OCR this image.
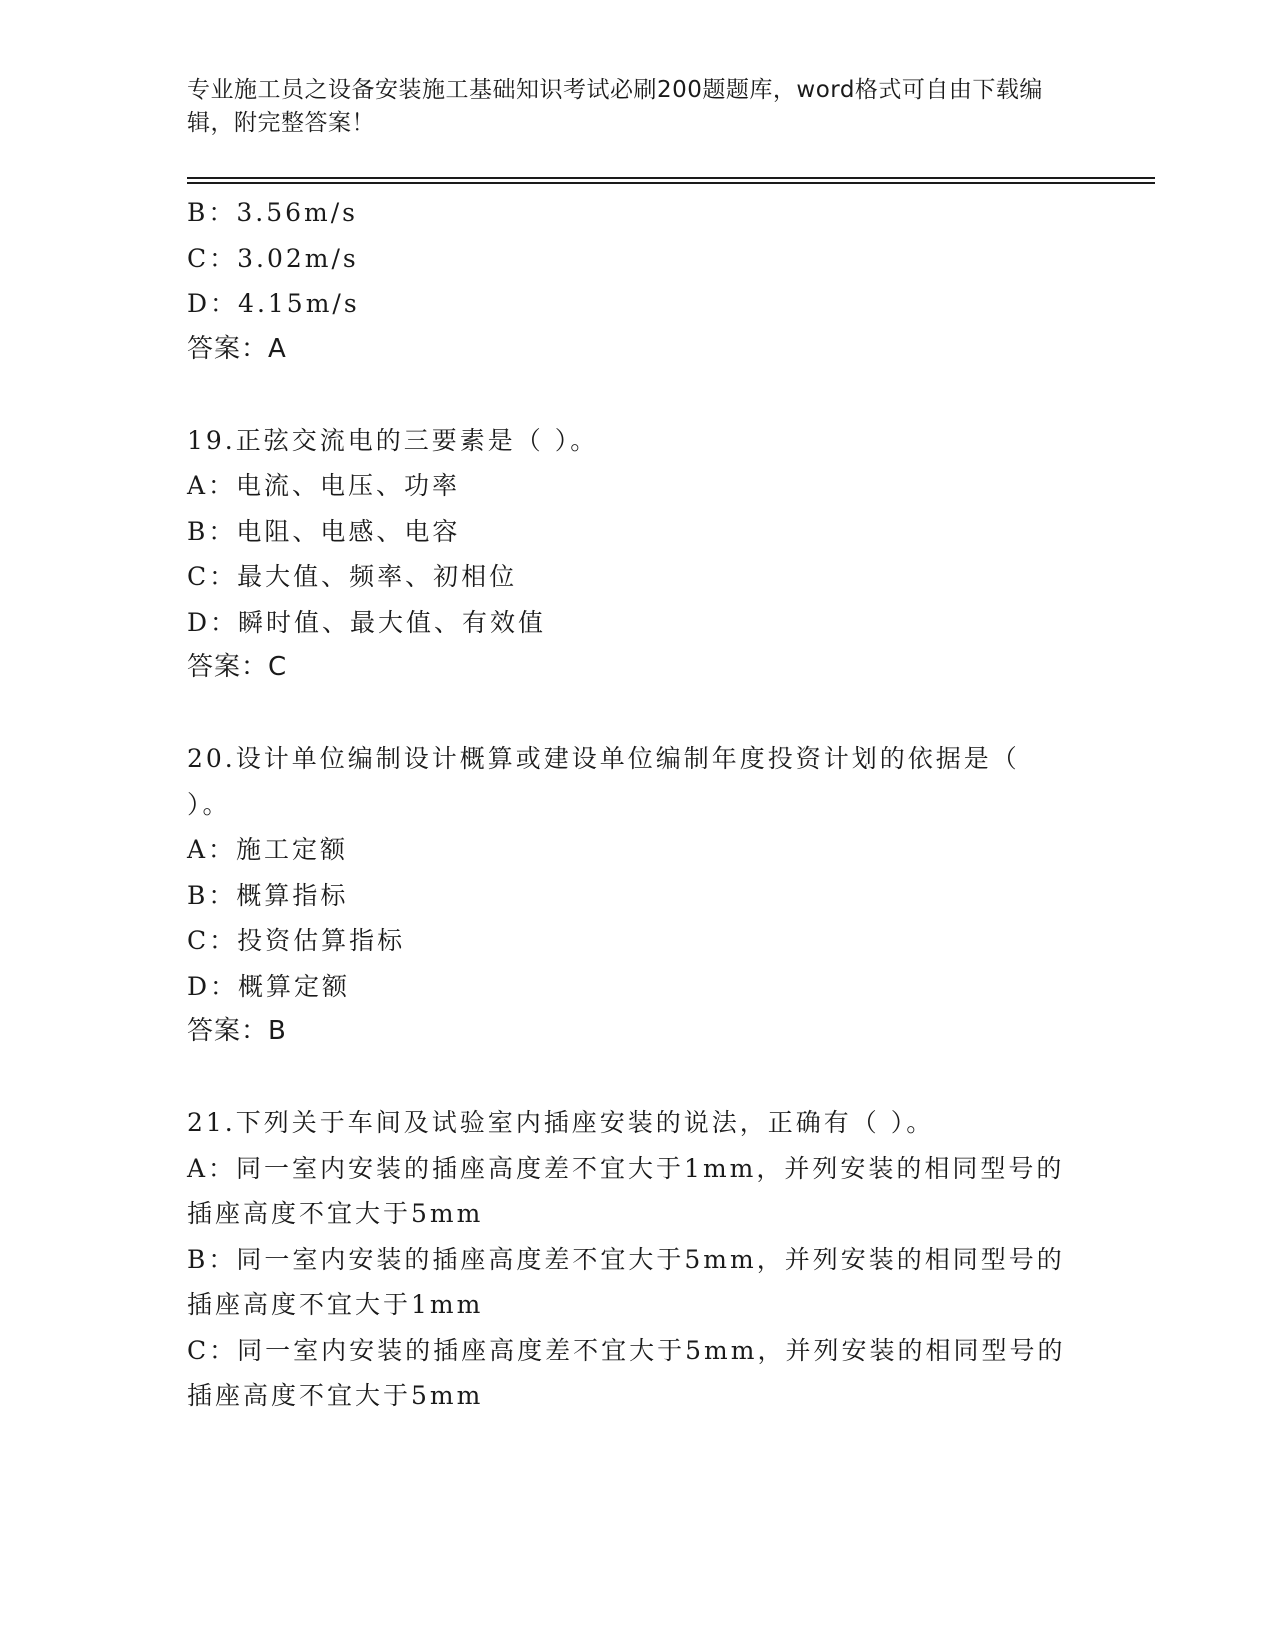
专业施工员之设备安装施工基础知识考试必刷200题题库，word格式可自由下载编辑，附完整答案！
B：3.56m/s
C：3.02m/s
D：4.15m/s
答案：A
19.正弦交流电的三要素是（ ）。
A：电流、电压、功率
B：电阻、电感、电容
C：最大值、频率、初相位
D：瞬时值、最大值、有效值
答案：C
20.设计单位编制设计概算或建设单位编制年度投资计划的依据是（ ）。
A：施工定额
B：概算指标
C：投资估算指标
D：概算定额
答案：B
21.下列关于车间及试验室内插座安装的说法，正确有（ ）。
A：同一室内安装的插座高度差不宜大于1mm，并列安装的相同型号的插座高度不宜大于5mm
B：同一室内安装的插座高度差不宜大于5mm，并列安装的相同型号的插座高度不宜大于1mm
C：同一室内安装的插座高度差不宜大于5mm，并列安装的相同型号的插座高度不宜大于5mm
